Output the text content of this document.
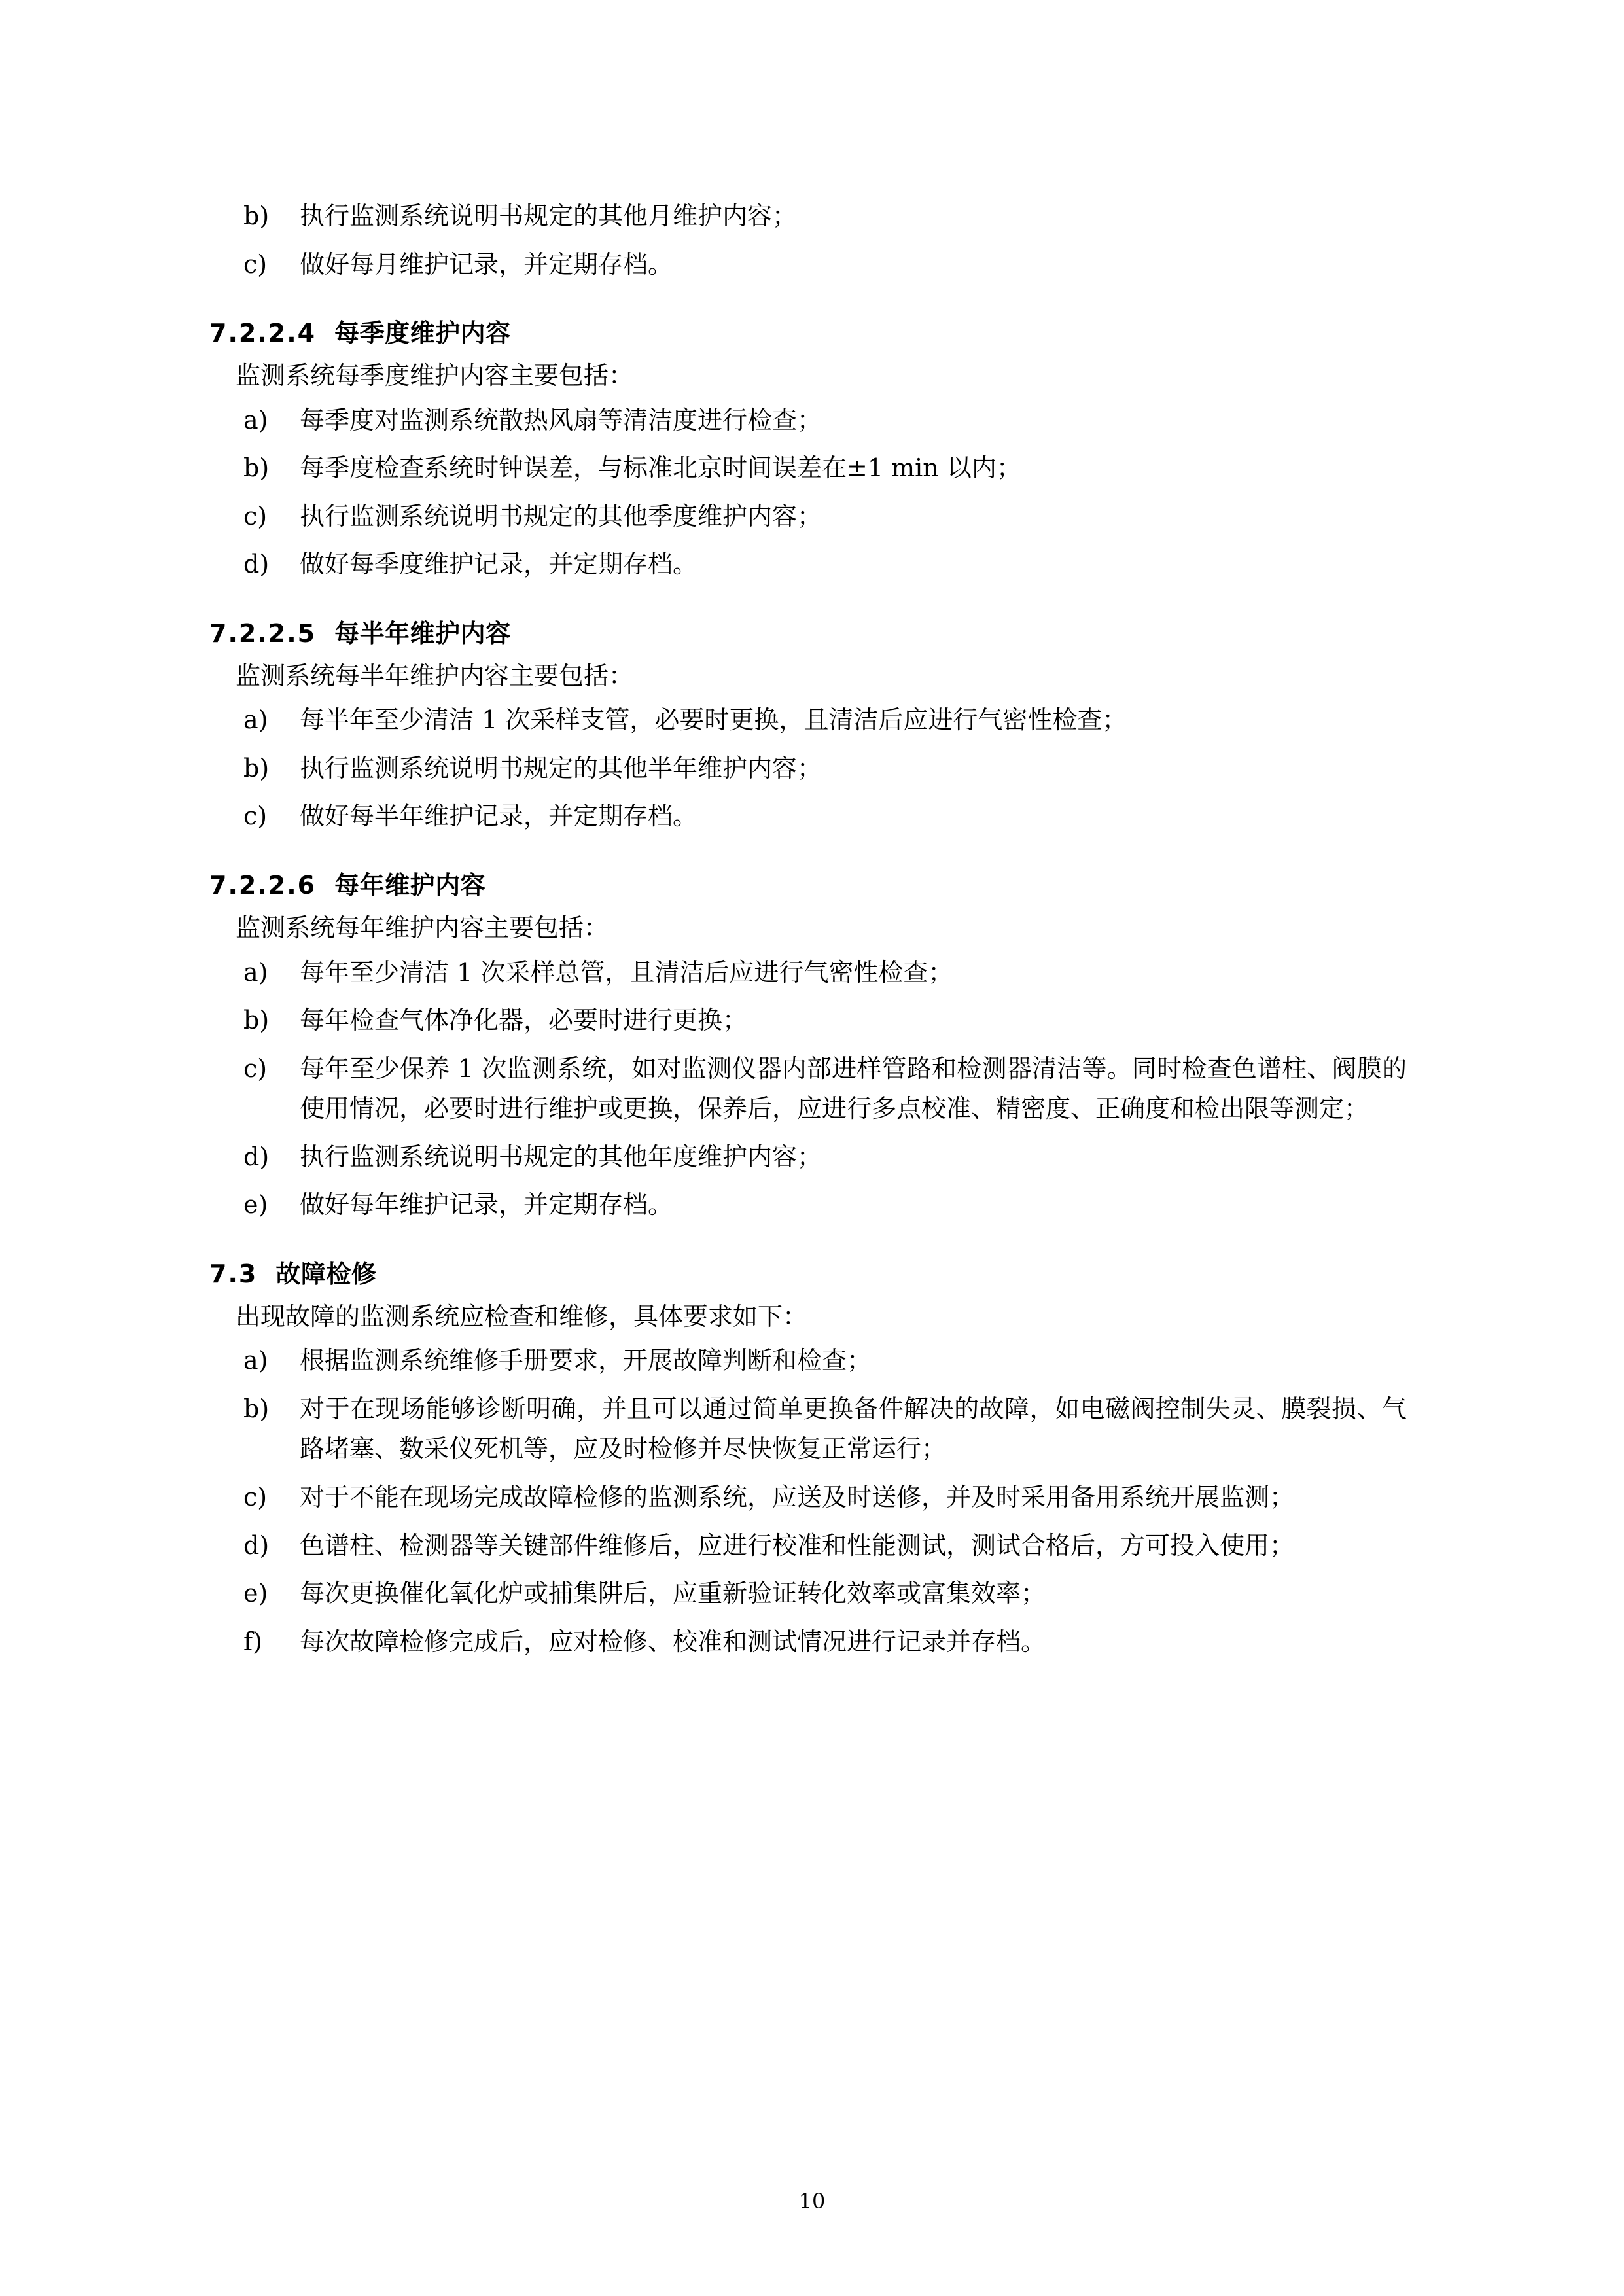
b) 执行监测系统说明书规定的其他月维护内容；
c) 做好每月维护记录，并定期存档。
7.2.2.4 每季度维护内容

监测系统每季度维护内容主要包括：

a) 每季度对监测系统散热风扇等清洁度进行检查；
b) 每季度检查系统时钟误差，与标准北京时间误差在±1 min 以内；
c) 执行监测系统说明书规定的其他季度维护内容；
d) 做好每季度维护记录，并定期存档。
7.2.2.5 每半年维护内容

监测系统每半年维护内容主要包括：

a) 每半年至少清洁 1 次采样支管，必要时更换，且清洁后应进行气密性检查；
b) 执行监测系统说明书规定的其他半年维护内容；
c) 做好每半年维护记录，并定期存档。
7.2.2.6 每年维护内容

监测系统每年维护内容主要包括：

a) 每年至少清洁 1 次采样总管，且清洁后应进行气密性检查；
b) 每年检查气体净化器，必要时进行更换；
c) 每年至少保养 1 次监测系统，如对监测仪器内部进样管路和检测器清洁等。同时检查色谱柱、阀膜的使用情况，必要时进行维护或更换，保养后，应进行多点校准、精密度、正确度和检出限等测定；
d) 执行监测系统说明书规定的其他年度维护内容；
e) 做好每年维护记录，并定期存档。
7.3 故障检修

出现故障的监测系统应检查和维修，具体要求如下：

a) 根据监测系统维修手册要求，开展故障判断和检查；
b) 对于在现场能够诊断明确，并且可以通过简单更换备件解决的故障，如电磁阀控制失灵、膜裂损、气路堵塞、数采仪死机等，应及时检修并尽快恢复正常运行；
c) 对于不能在现场完成故障检修的监测系统，应送及时送修，并及时采用备用系统开展监测；
d) 色谱柱、检测器等关键部件维修后，应进行校准和性能测试，测试合格后，方可投入使用；
e) 每次更换催化氧化炉或捕集阱后，应重新验证转化效率或富集效率；
f) 每次故障检修完成后，应对检修、校准和测试情况进行记录并存档。
10
